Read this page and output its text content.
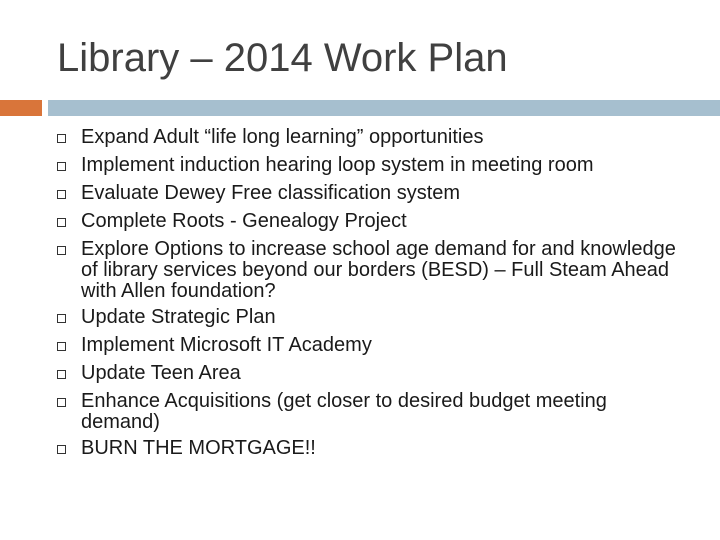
Library – 2014 Work Plan
Expand Adult “life long learning” opportunities
Implement induction hearing loop system in meeting room
Evaluate Dewey Free classification system
Complete Roots - Genealogy Project
Explore Options to increase school age demand for and knowledge of library services beyond our borders (BESD) – Full Steam Ahead with Allen foundation?
Update Strategic Plan
Implement Microsoft IT Academy
Update Teen Area
Enhance Acquisitions (get closer to desired budget meeting demand)
BURN THE MORTGAGE!!
